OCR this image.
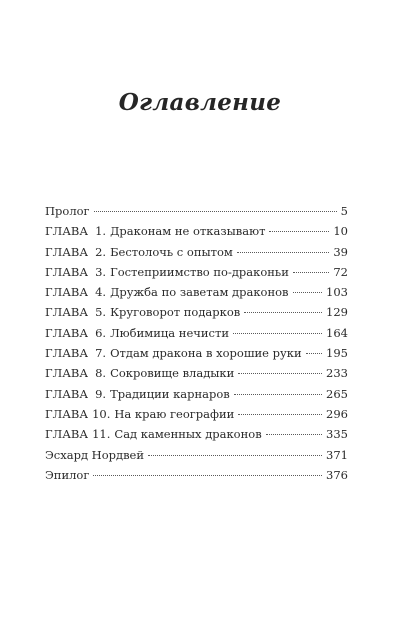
Оглавление
Пролог	5
ГЛАВА 1. Драконам не отказывают	10
ГЛАВА 2. Бестолочь с опытом	39
ГЛАВА 3. Гостеприимство по-драконьи	72
ГЛАВА 4. Дружба по заветам драконов	103
ГЛАВА 5. Круговорот подарков	129
ГЛАВА 6. Любимица нечисти	164
ГЛАВА 7. Отдам дракона в хорошие руки 195
ГЛАВА 8. Сокровище владыки	233
ГЛАВА 9. Традиции карнаров	265
ГЛАВА 10. На краю географии	296
ГЛАВА 11. Сад каменных драконов	335
Эсхард Нордвей	371
Эпилог	376
